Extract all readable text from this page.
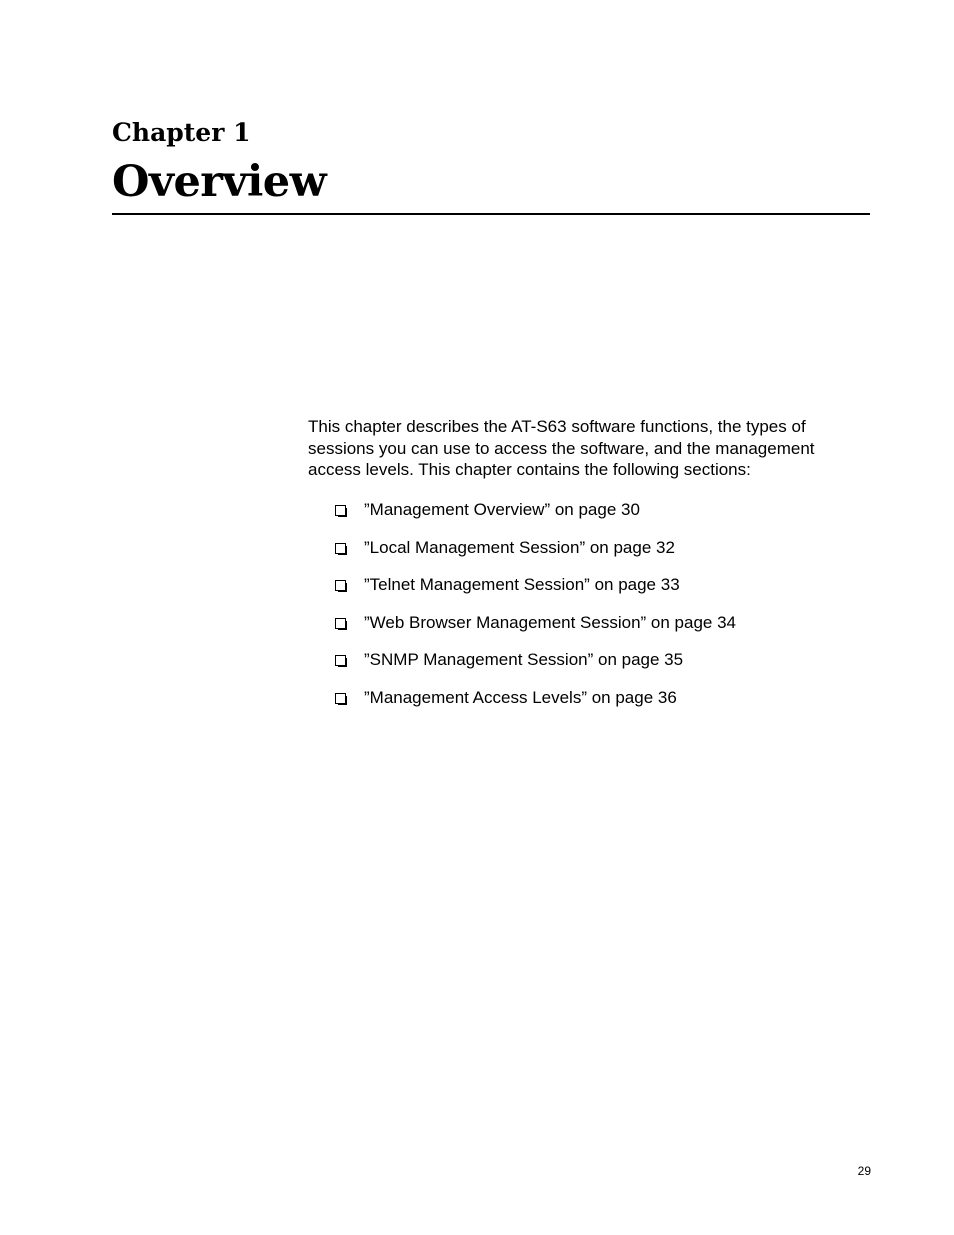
Chapter 1
Overview

This chapter describes the AT-S63 software functions, the types of sessions you can use to access the software, and the management access levels. This chapter contains the following sections:

”Management Overview” on page 30
”Local Management Session” on page 32
”Telnet Management Session” on page 33
”Web Browser Management Session” on page 34
”SNMP Management Session” on page 35
”Management Access Levels” on page 36
29
